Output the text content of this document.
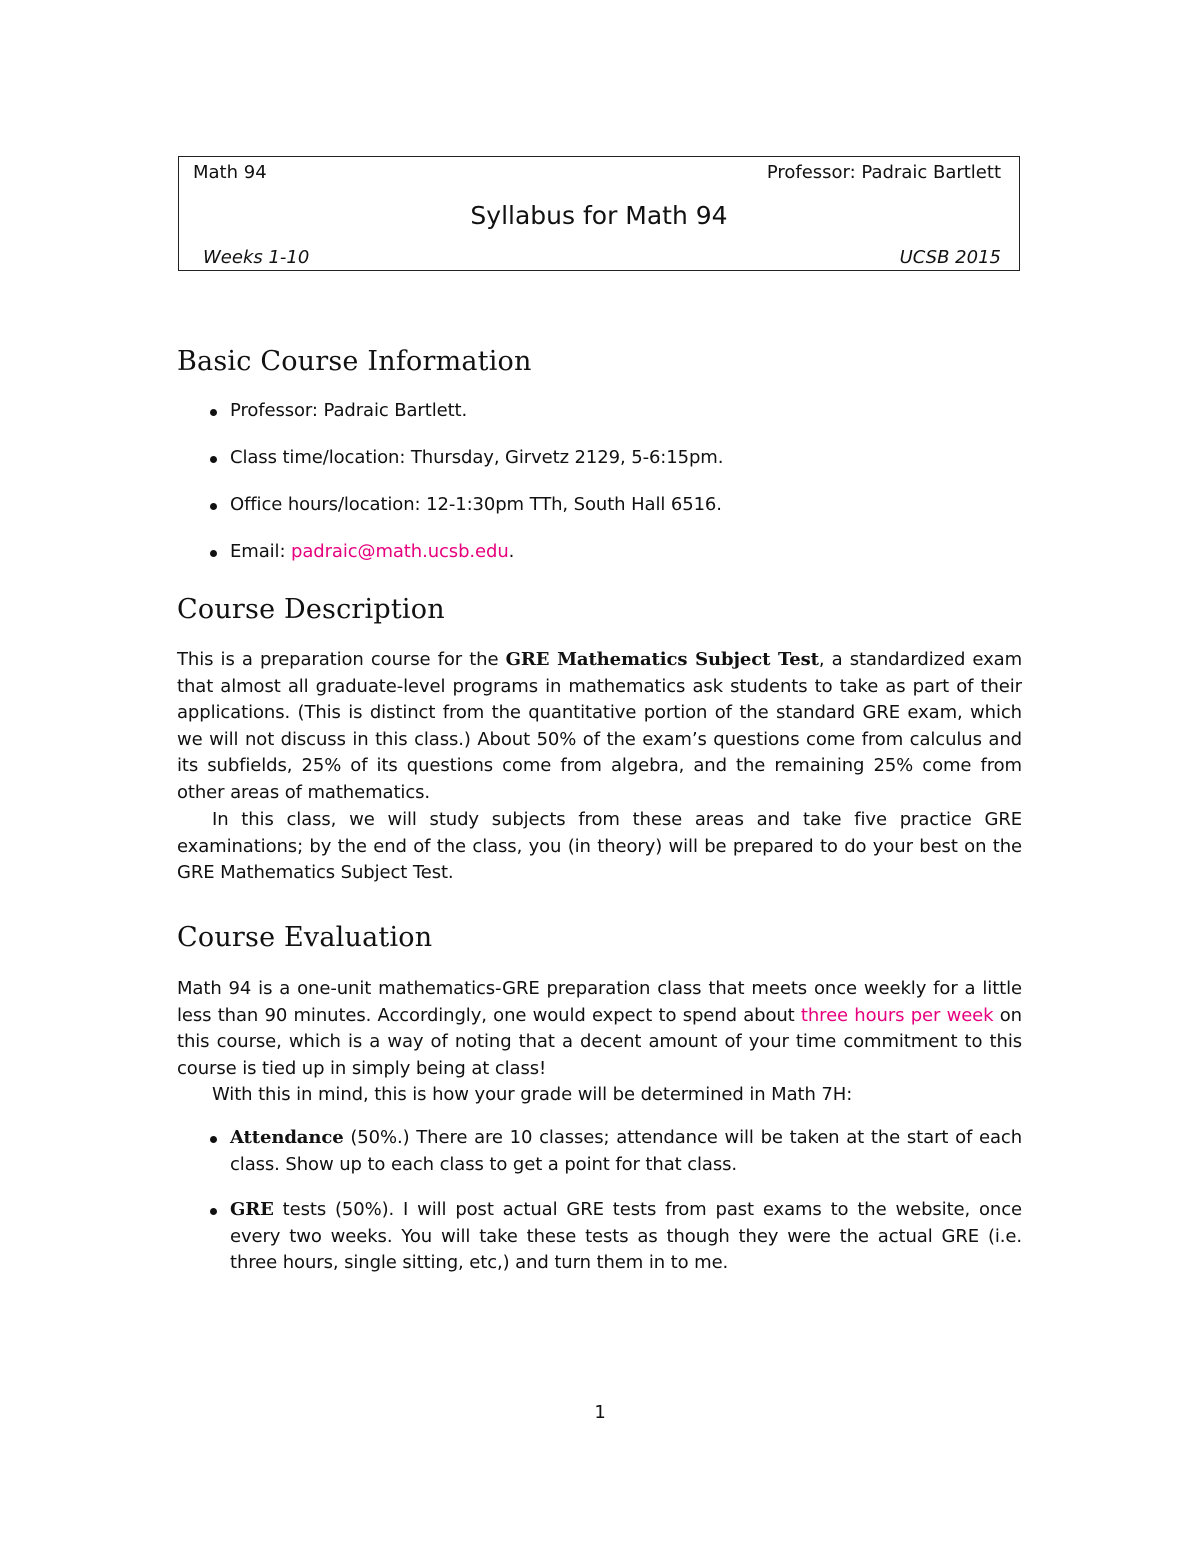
Math 94	Professor: Padraic Bartlett
Syllabus for Math 94
Weeks 1-10	UCSB 2015
Basic Course Information
Professor: Padraic Bartlett.
Class time/location: Thursday, Girvetz 2129, 5-6:15pm.
Office hours/location: 12-1:30pm TTh, South Hall 6516.
Email: padraic@math.ucsb.edu.
Course Description

This is a preparation course for the GRE Mathematics Subject Test, a standardized exam that almost all graduate-level programs in mathematics ask students to take as part of their applications. (This is distinct from the quantitative portion of the standard GRE exam, which we will not discuss in this class.) About 50% of the exam’s questions come from calculus and its subfields, 25% of its questions come from algebra, and the remaining 25% come from other areas of mathematics.

In this class, we will study subjects from these areas and take five practice GRE examinations; by the end of the class, you (in theory) will be prepared to do your best on the GRE Mathematics Subject Test.

Course Evaluation

Math 94 is a one-unit mathematics-GRE preparation class that meets once weekly for a little less than 90 minutes. Accordingly, one would expect to spend about three hours per week on this course, which is a way of noting that a decent amount of your time commitment to this course is tied up in simply being at class!

With this in mind, this is how your grade will be determined in Math 7H:

Attendance (50%.) There are 10 classes; attendance will be taken at the start of each class. Show up to each class to get a point for that class.
GRE tests (50%). I will post actual GRE tests from past exams to the website, once every two weeks. You will take these tests as though they were the actual GRE (i.e. three hours, single sitting, etc,) and turn them in to me.
1
